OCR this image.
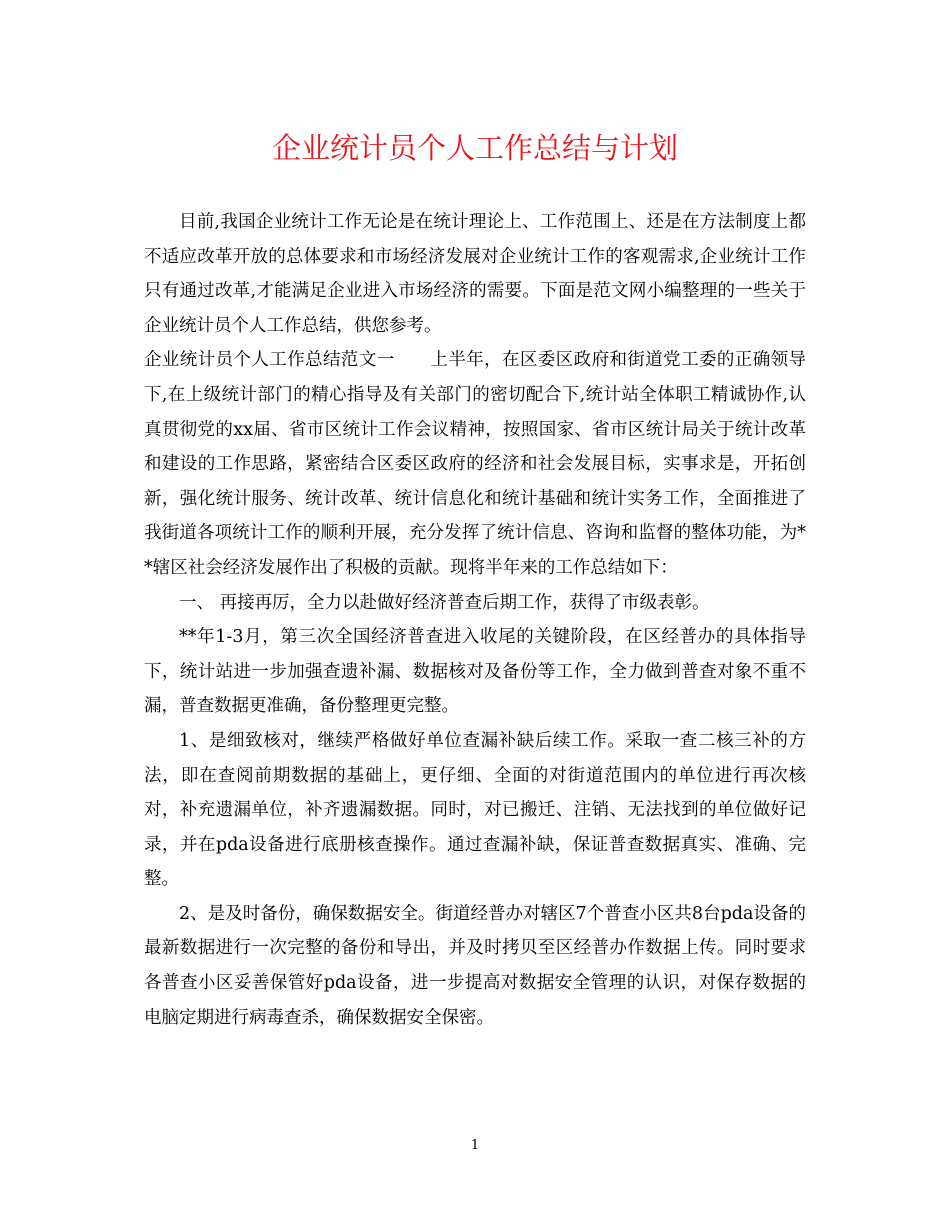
企业统计员个人工作总结与计划

目前,我国企业统计工作无论是在统计理论上、工作范围上、还是在方法制度上都不适应改革开放的总体要求和市场经济发展对企业统计工作的客观需求,企业统计工作只有通过改革,才能满足企业进入市场经济的需要。下面是范文网小编整理的一些关于企业统计员个人工作总结，供您参考。

企业统计员个人工作总结范文一　　上半年，在区委区政府和街道党工委的正确领导下,在上级统计部门的精心指导及有关部门的密切配合下,统计站全体职工精诚协作,认真贯彻党的xx届、省市区统计工作会议精神，按照国家、省市区统计局关于统计改革和建设的工作思路，紧密结合区委区政府的经济和社会发展目标，实事求是，开拓创新，强化统计服务、统计改革、统计信息化和统计基础和统计实务工作，全面推进了我街道各项统计工作的顺利开展，充分发挥了统计信息、咨询和监督的整体功能，为**辖区社会经济发展作出了积极的贡献。现将半年来的工作总结如下：

一、 再接再厉，全力以赴做好经济普查后期工作，获得了市级表彰。

**年1-3月，第三次全国经济普查进入收尾的关键阶段，在区经普办的具体指导下，统计站进一步加强查遗补漏、数据核对及备份等工作，全力做到普查对象不重不漏，普查数据更准确，备份整理更完整。

1、是细致核对，继续严格做好单位查漏补缺后续工作。采取一查二核三补的方法，即在查阅前期数据的基础上，更仔细、全面的对街道范围内的单位进行再次核对，补充遗漏单位，补齐遗漏数据。同时，对已搬迁、注销、无法找到的单位做好记录，并在pda设备进行底册核查操作。通过查漏补缺，保证普查数据真实、准确、完整。

2、是及时备份，确保数据安全。街道经普办对辖区7个普查小区共8台pda设备的最新数据进行一次完整的备份和导出，并及时拷贝至区经普办作数据上传。同时要求各普查小区妥善保管好pda设备，进一步提高对数据安全管理的认识，对保存数据的电脑定期进行病毒查杀，确保数据安全保密。

1
